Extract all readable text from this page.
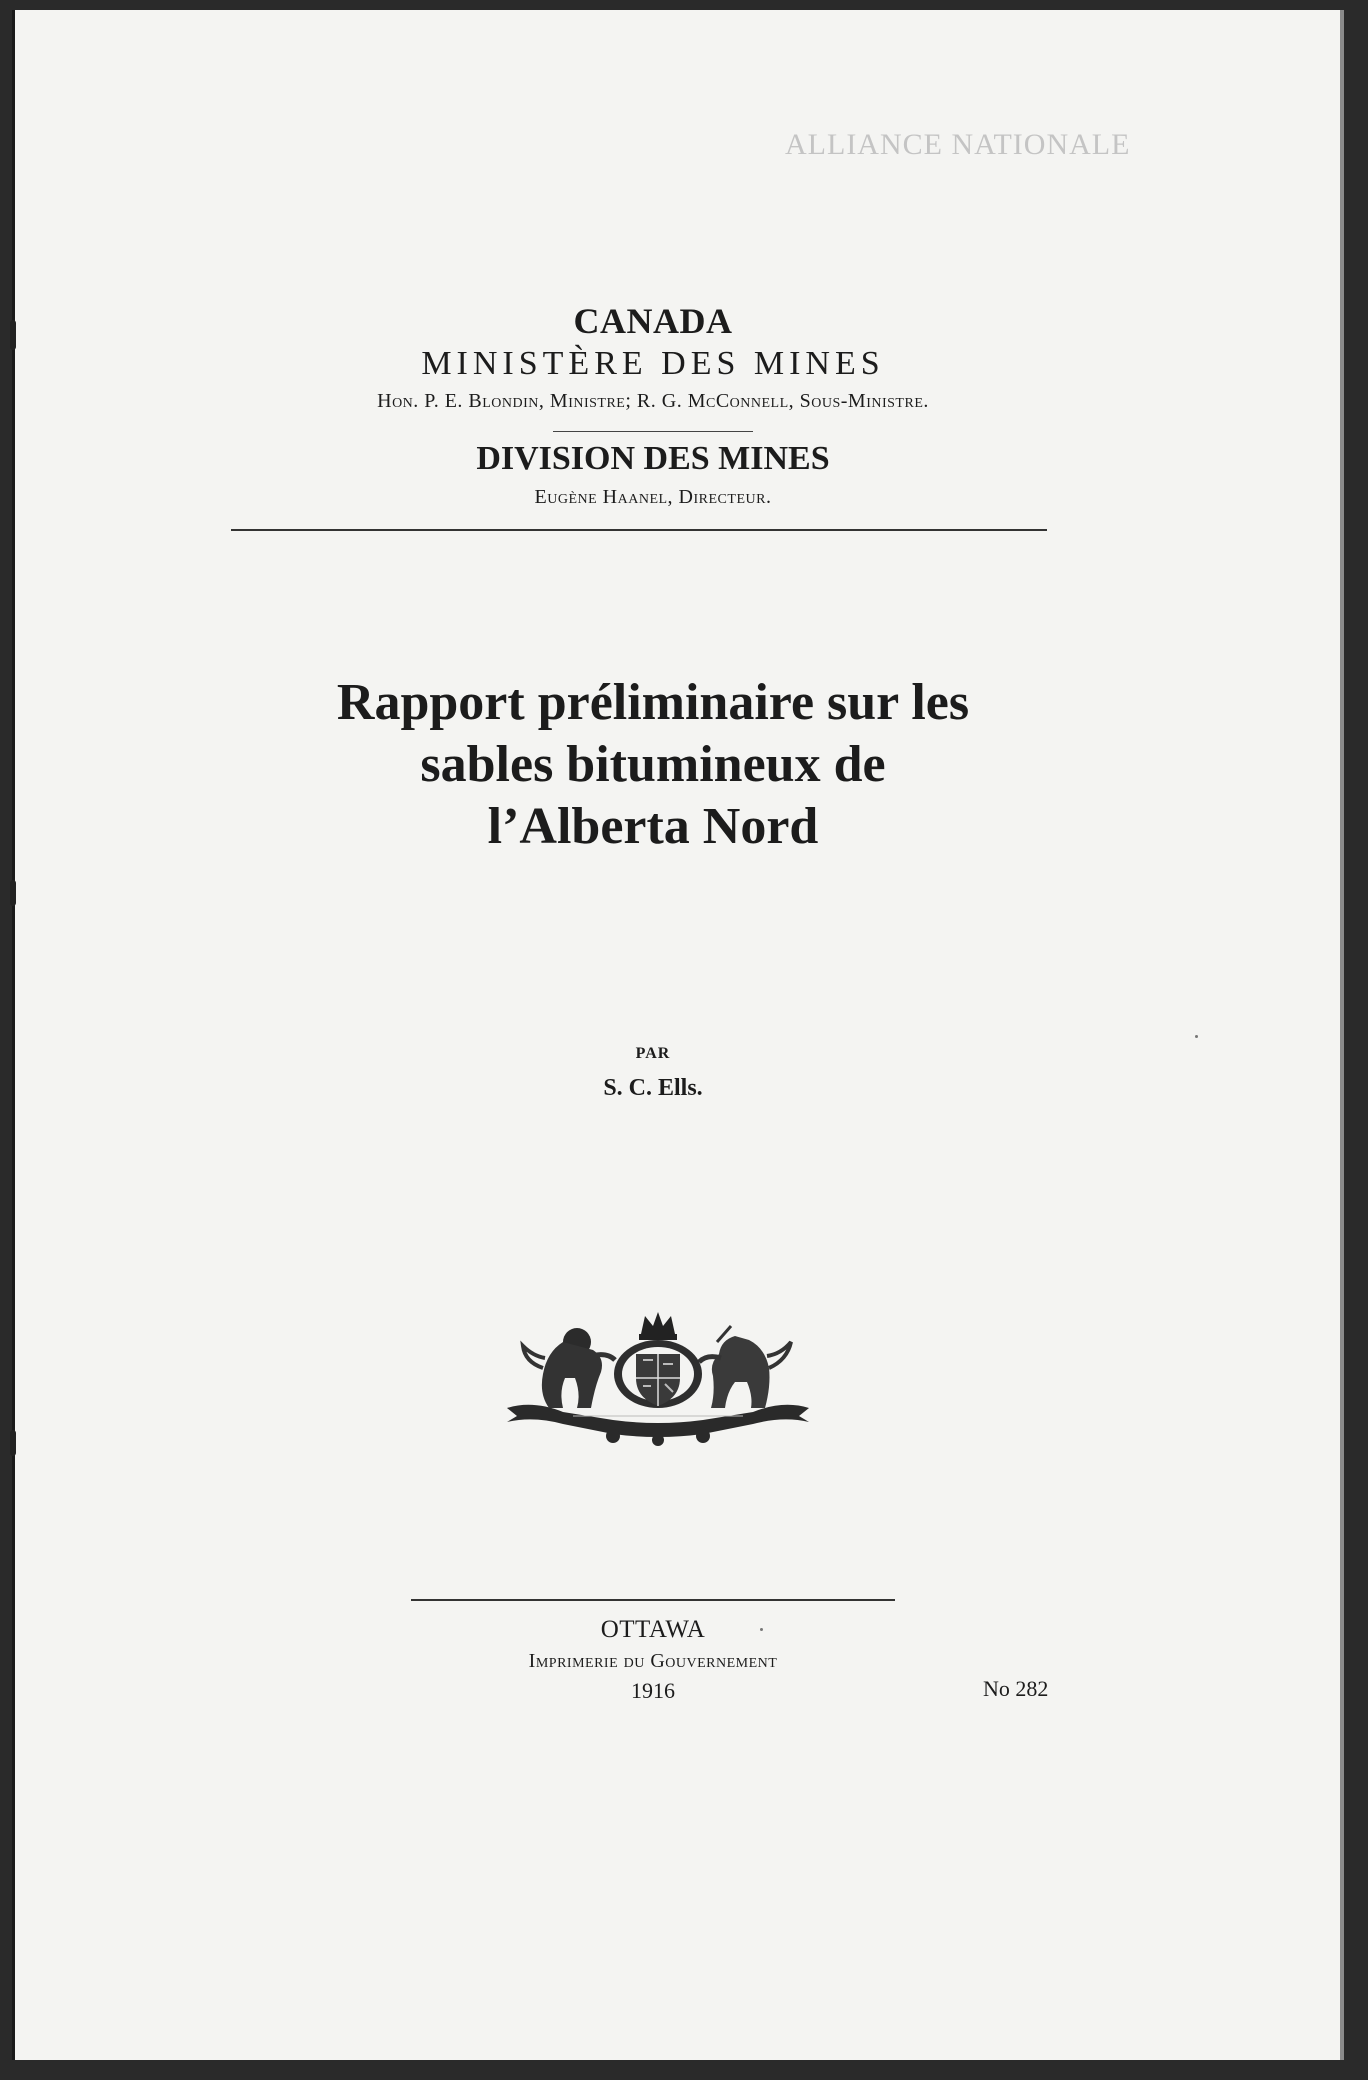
ALLIANCE NATIONALE
CANADA
MINISTÈRE DES MINES
Hon. P. E. Blondin, Ministre; R. G. McConnell, Sous-Ministre.
DIVISION DES MINES
Eugène Haanel, Directeur.
Rapport préliminaire sur les
sables bitumineux de
l’Alberta Nord
PAR
S. C. Ells.
OTTAWA
Imprimerie du Gouvernement
1916	No 282
